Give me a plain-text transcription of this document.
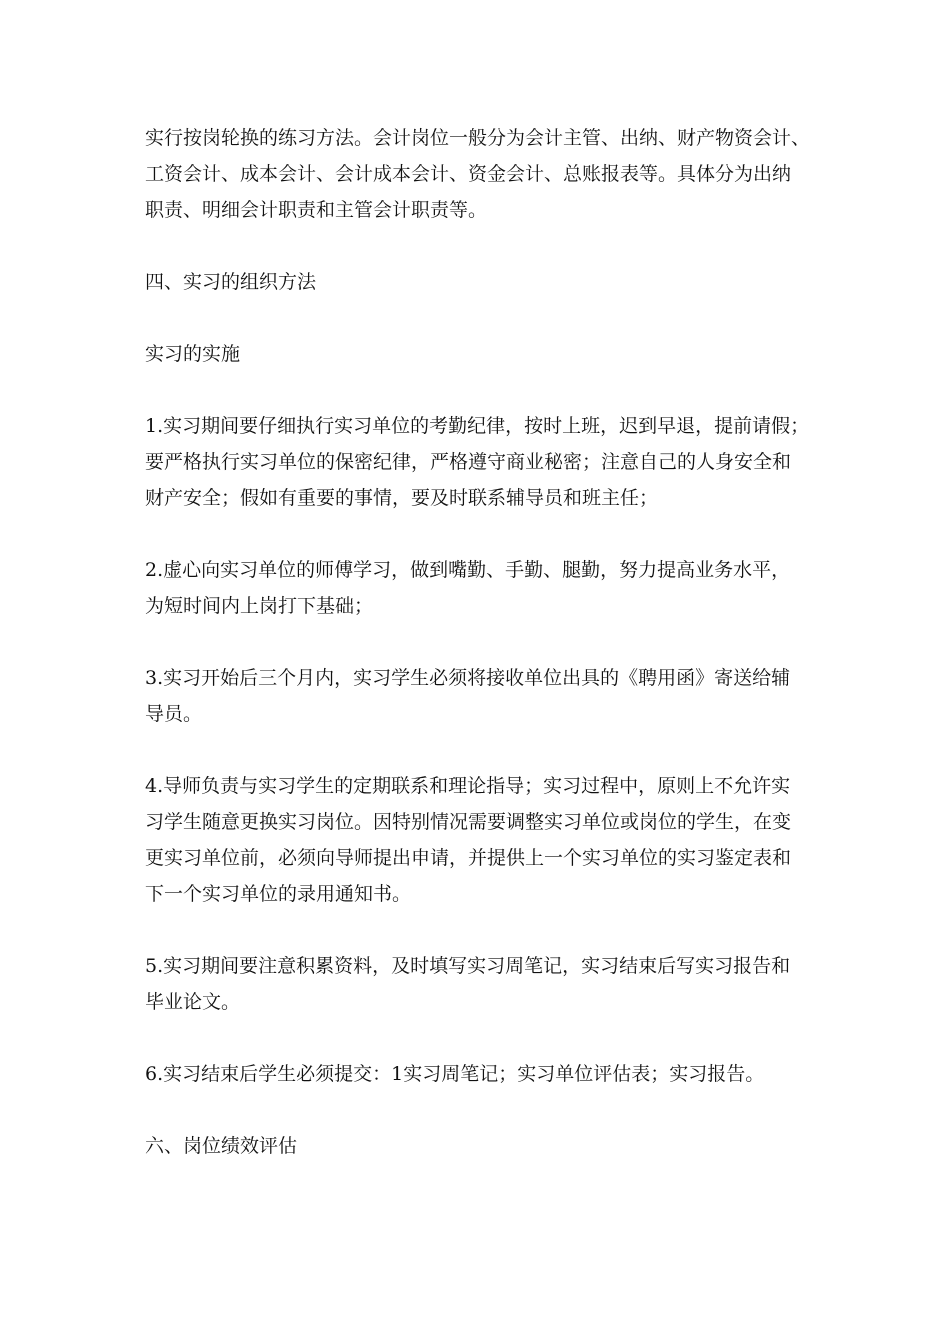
实行按岗轮换的练习方法。会计岗位一般分为会计主管、出纳、财产物资会计、
工资会计、成本会计、会计成本会计、资金会计、总账报表等。具体分为出纳
职责、明细会计职责和主管会计职责等。

四、实习的组织方法

实习的实施

1.实习期间要仔细执行实习单位的考勤纪律，按时上班，迟到早退，提前请假；
要严格执行实习单位的保密纪律，严格遵守商业秘密；注意自己的人身安全和
财产安全；假如有重要的事情，要及时联系辅导员和班主任；

2.虚心向实习单位的师傅学习，做到嘴勤、手勤、腿勤，努力提高业务水平，
为短时间内上岗打下基础；

3.实习开始后三个月内，实习学生必须将接收单位出具的《聘用函》寄送给辅
导员。

4.导师负责与实习学生的定期联系和理论指导；实习过程中，原则上不允许实
习学生随意更换实习岗位。因特别情况需要调整实习单位或岗位的学生，在变
更实习单位前，必须向导师提出申请，并提供上一个实习单位的实习鉴定表和
下一个实习单位的录用通知书。

5.实习期间要注意积累资料，及时填写实习周笔记，实习结束后写实习报告和
毕业论文。

6.实习结束后学生必须提交：1实习周笔记；实习单位评估表；实习报告。

六、岗位绩效评估
